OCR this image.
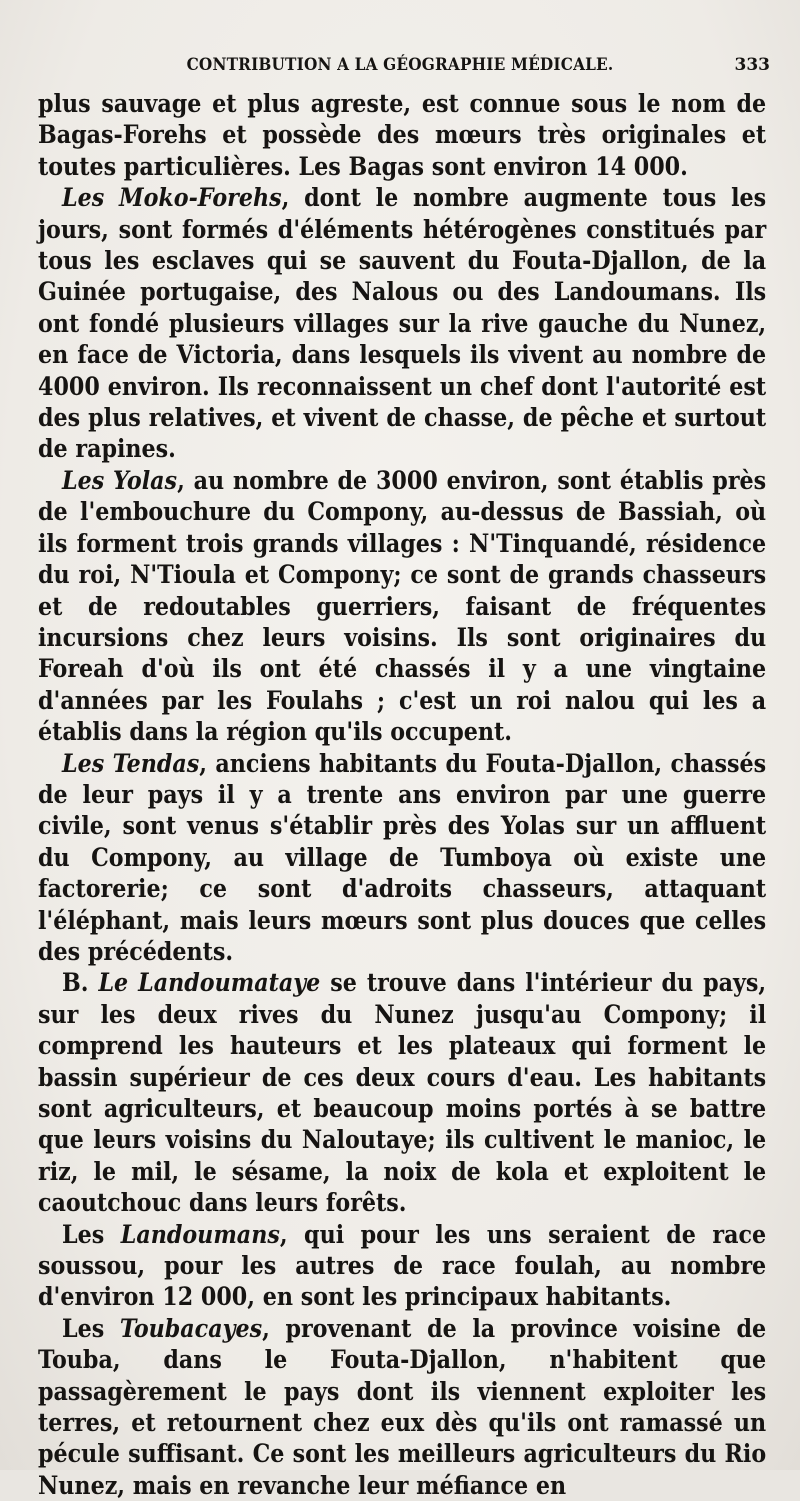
CONTRIBUTION A LA GÉOGRAPHIE MÉDICALE.	333

plus sauvage et plus agreste, est connue sous le nom de Bagas-Forehs et possède des mœurs très originales et toutes particulières. Les Bagas sont environ 14 000.

Les Moko-Forehs, dont le nombre augmente tous les jours, sont formés d'éléments hétérogènes constitués par tous les esclaves qui se sauvent du Fouta-Djallon, de la Guinée portugaise, des Nalous ou des Landoumans. Ils ont fondé plusieurs villages sur la rive gauche du Nunez, en face de Victoria, dans lesquels ils vivent au nombre de 4000 environ. Ils reconnaissent un chef dont l'autorité est des plus relatives, et vivent de chasse, de pêche et surtout de rapines.

Les Yolas, au nombre de 3000 environ, sont établis près de l'embouchure du Compony, au-dessus de Bassiah, où ils forment trois grands villages : N'Tinquandé, résidence du roi, N'Tioula et Compony; ce sont de grands chasseurs et de redoutables guerriers, faisant de fréquentes incursions chez leurs voisins. Ils sont originaires du Foreah d'où ils ont été chassés il y a une vingtaine d'années par les Foulahs ; c'est un roi nalou qui les a établis dans la région qu'ils occupent.

Les Tendas, anciens habitants du Fouta-Djallon, chassés de leur pays il y a trente ans environ par une guerre civile, sont venus s'établir près des Yolas sur un affluent du Compony, au village de Tumboya où existe une factorerie; ce sont d'adroits chasseurs, attaquant l'éléphant, mais leurs mœurs sont plus douces que celles des précédents.

B. Le Landoumataye se trouve dans l'intérieur du pays, sur les deux rives du Nunez jusqu'au Compony; il comprend les hauteurs et les plateaux qui forment le bassin supérieur de ces deux cours d'eau. Les habitants sont agriculteurs, et beaucoup moins portés à se battre que leurs voisins du Naloutaye; ils cultivent le manioc, le riz, le mil, le sésame, la noix de kola et exploitent le caoutchouc dans leurs forêts.

Les Landoumans, qui pour les uns seraient de race soussou, pour les autres de race foulah, au nombre d'environ 12 000, en sont les principaux habitants.

Les Toubacayes, provenant de la province voisine de Touba, dans le Fouta-Djallon, n'habitent que passagèrement le pays dont ils viennent exploiter les terres, et retournent chez eux dès qu'ils ont ramassé un pécule suffisant. Ce sont les meilleurs agriculteurs du Rio Nunez, mais en revanche leur méfiance en
